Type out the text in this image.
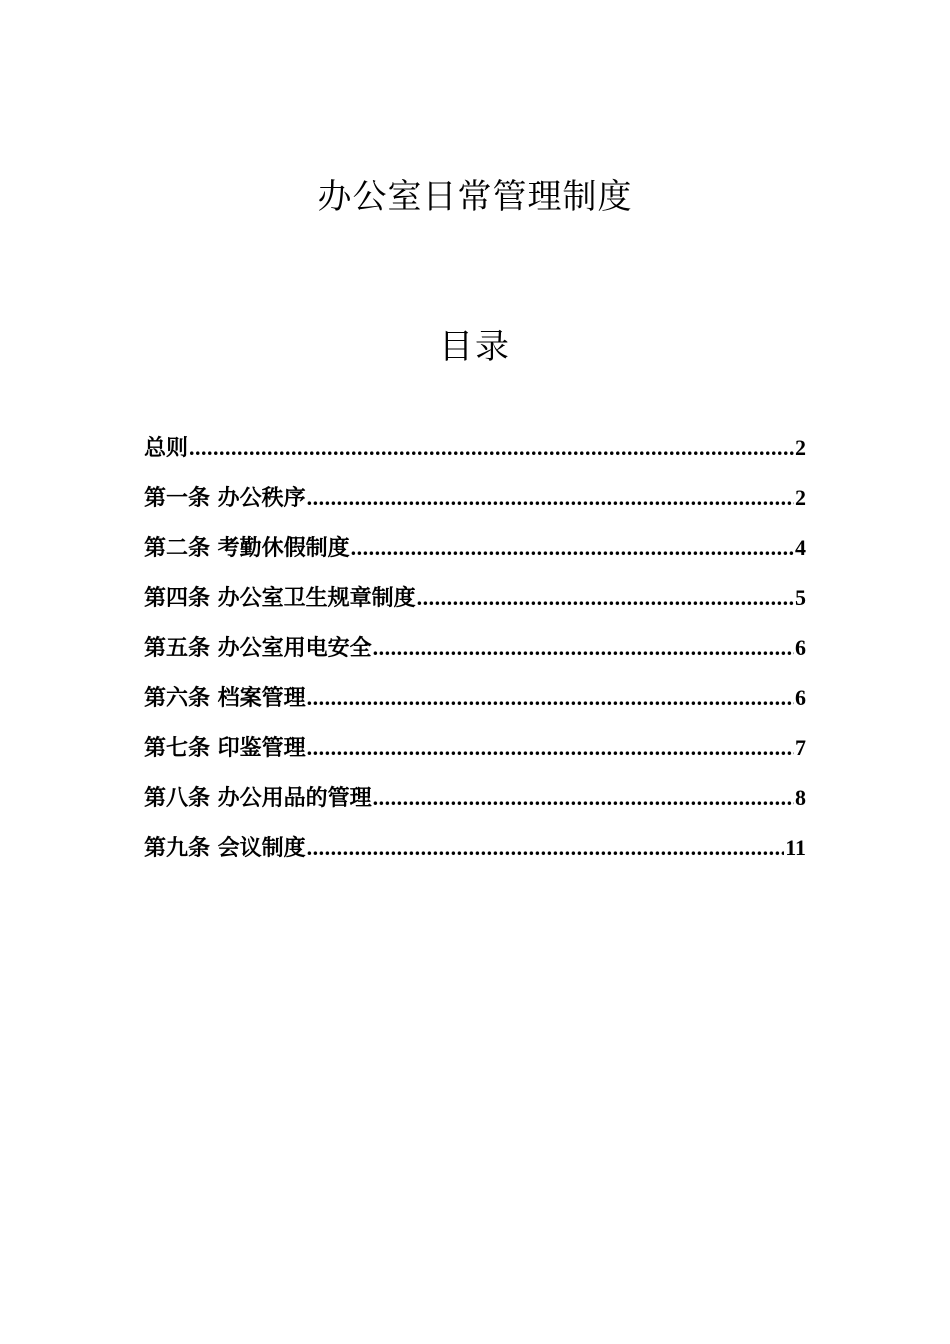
办公室日常管理制度
目录
总则 .....	2
第一条 办公秩序 .....	2
第二条 考勤休假制度 .....	4
第四条 办公室卫生规章制度 .....	5
第五条 办公室用电安全 .....	6
第六条 档案管理 .....	6
第七条 印鉴管理 .....	7
第八条 办公用品的管理 .....	8
第九条 会议制度 .....	11
